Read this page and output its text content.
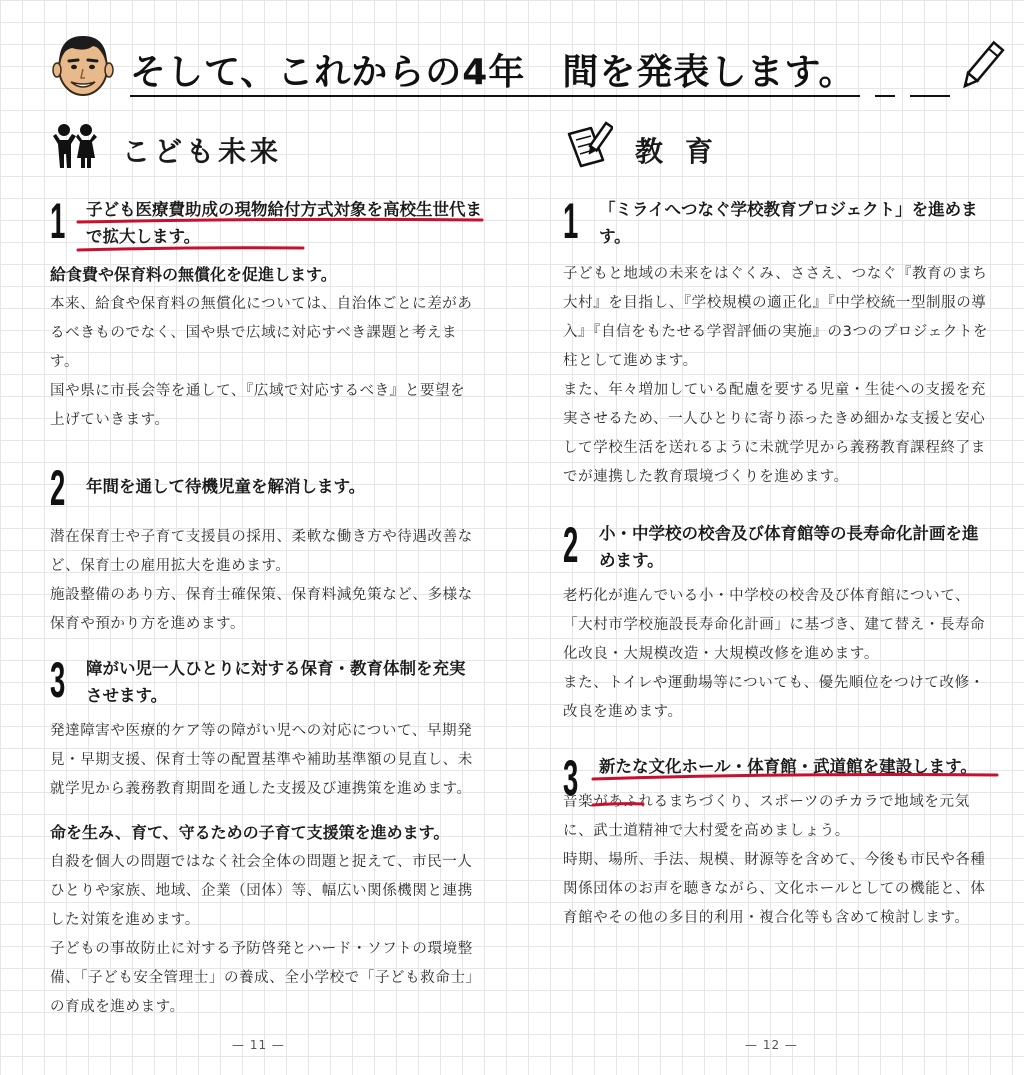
そして、これからの4年　間を発表します。
こども未来
1 子ども医療費助成の現物給付方式対象を高校生世代まで拡大します。
給食費や保育料の無償化を促進します。

本来、給食や保育料の無償化については、自治体ごとに差があるべきものでなく、国や県で広域に対応すべき課題と考えます。

国や県に市長会等を通して、『広域で対応するべき』と要望を上げていきます。

2 年間を通して待機児童を解消します。

潜在保育士や子育て支援員の採用、柔軟な働き方や待遇改善など、保育士の雇用拡大を進めます。

施設整備のあり方、保育士確保策、保育料減免策など、多様な保育や預かり方を進めます。

3 障がい児一人ひとりに対する保育・教育体制を充実させます。

発達障害や医療的ケア等の障がい児への対応について、早期発見・早期支援、保育士等の配置基準や補助基準額の見直し、未就学児から義務教育期間を通した支援及び連携策を進めます。

命を生み、育て、守るための子育て支援策を進めます。

自殺を個人の問題ではなく社会全体の問題と捉えて、市民一人ひとりや家族、地域、企業（団体）等、幅広い関係機関と連携した対策を進めます。

子どもの事故防止に対する予防啓発とハード・ソフトの環境整備、「子ども安全管理士」の養成、全小学校で「子ども救命士」の育成を進めます。

教育
1 「ミライへつなぐ学校教育プロジェクト」を進めます。

子どもと地域の未来をはぐくみ、ささえ、つなぐ『教育のまち大村』を目指し、『学校規模の適正化』『中学校統一型制服の導入』『自信をもたせる学習評価の実施』の3つのプロジェクトを柱として進めます。

また、年々増加している配慮を要する児童・生徒への支援を充実させるため、一人ひとりに寄り添ったきめ細かな支援と安心して学校生活を送れるように未就学児から義務教育課程終了までが連携した教育環境づくりを進めます。

2 小・中学校の校舎及び体育館等の長寿命化計画を進めます。

老朽化が進んでいる小・中学校の校舎及び体育館について、「大村市学校施設長寿命化計画」に基づき、建て替え・長寿命化改良・大規模改造・大規模改修を進めます。

また、トイレや運動場等についても、優先順位をつけて改修・改良を進めます。

3 新たな文化ホール・体育館・武道館を建設します。

音楽があふれるまちづくり、スポーツのチカラで地域を元気に、武士道精神で大村愛を高めましょう。

時期、場所、手法、規模、財源等を含めて、今後も市民や各種関係団体のお声を聴きながら、文化ホールとしての機能と、体育館やその他の多目的利用・複合化等も含めて検討します。

— 11 —	— 12 —
